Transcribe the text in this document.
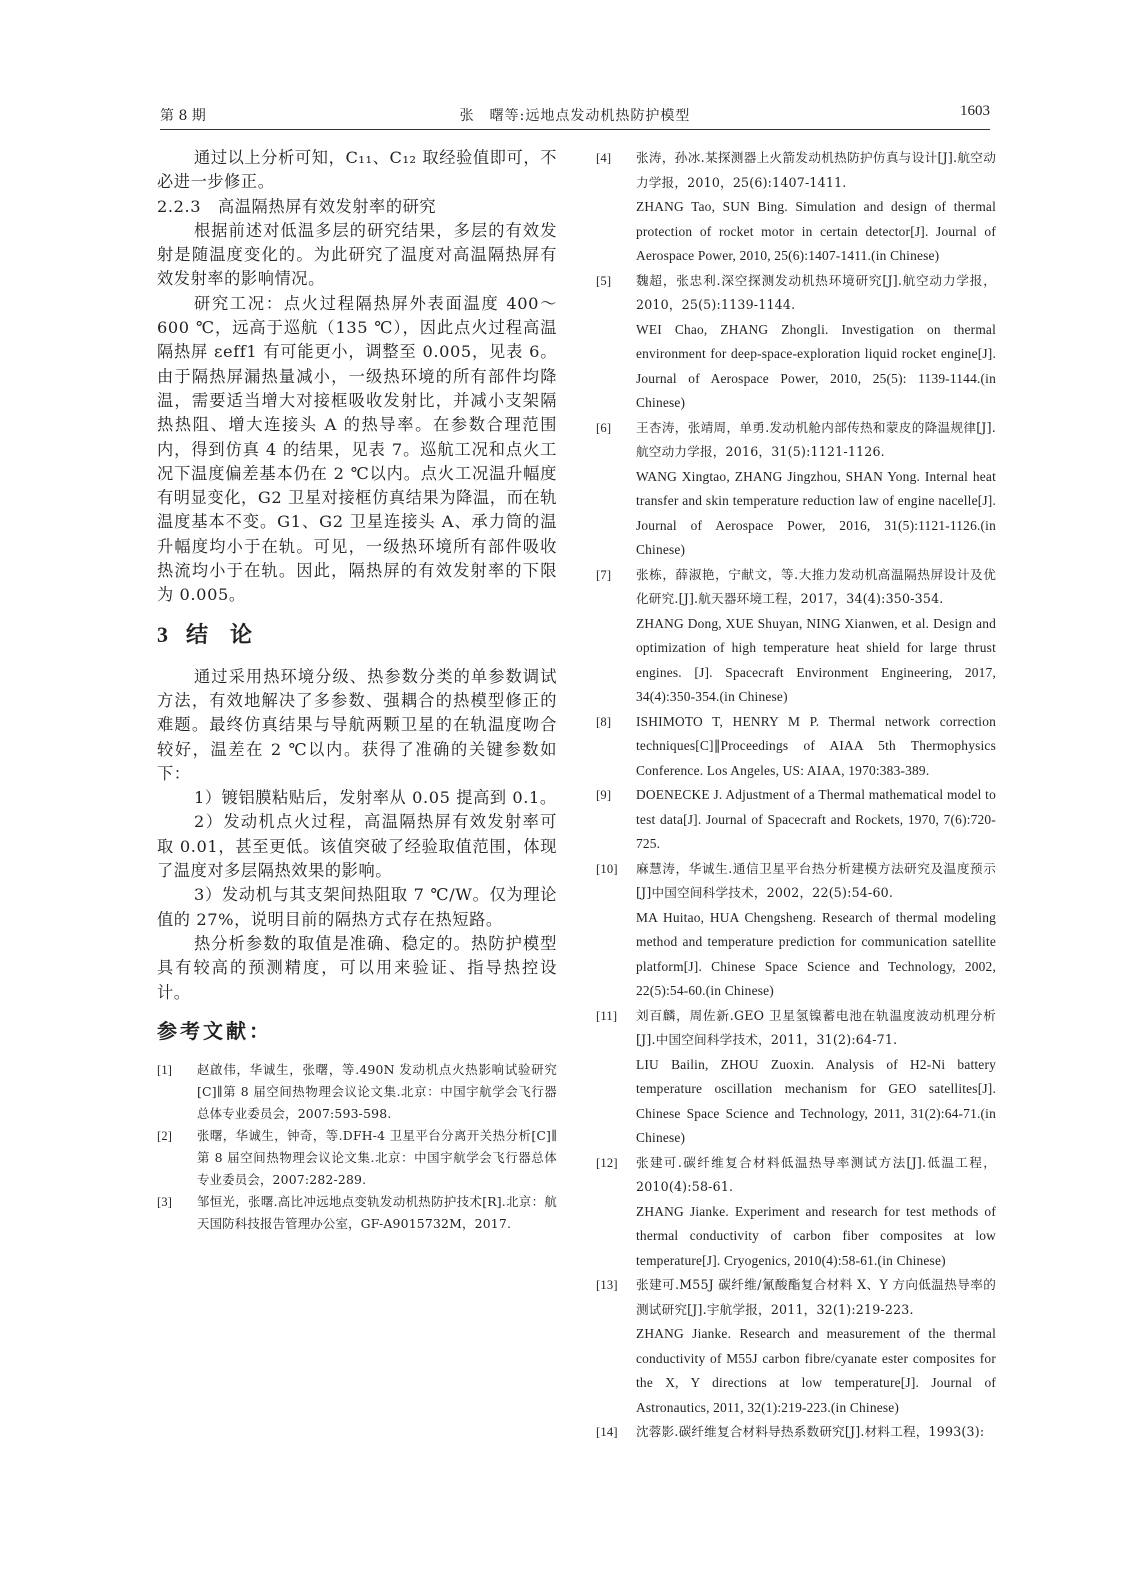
第 8 期	张　曙等:远地点发动机热防护模型	1603

通过以上分析可知，C₁₁、C₁₂ 取经验值即可，不必进一步修正。

2.2.3　高温隔热屏有效发射率的研究

根据前述对低温多层的研究结果，多层的有效发射是随温度变化的。为此研究了温度对高温隔热屏有效发射率的影响情况。

研究工况：点火过程隔热屏外表面温度 400～600 ℃，远高于巡航（135 ℃），因此点火过程高温隔热屏 εeff1 有可能更小，调整至 0.005，见表 6。由于隔热屏漏热量减小，一级热环境的所有部件均降温，需要适当增大对接框吸收发射比，并减小支架隔热热阻、增大连接头 A 的热导率。在参数合理范围内，得到仿真 4 的结果，见表 7。巡航工况和点火工况下温度偏差基本仍在 2 ℃以内。点火工况温升幅度有明显变化，G2 卫星对接框仿真结果为降温，而在轨温度基本不变。G1、G2 卫星连接头 A、承力筒的温升幅度均小于在轨。可见，一级热环境所有部件吸收热流均小于在轨。因此，隔热屏的有效发射率的下限为 0.005。

3 结　论

通过采用热环境分级、热参数分类的单参数调试方法，有效地解决了多参数、强耦合的热模型修正的难题。最终仿真结果与导航两颗卫星的在轨温度吻合较好，温差在 2 ℃以内。获得了准确的关键参数如下：

1）镀铝膜粘贴后，发射率从 0.05 提高到 0.1。

2）发动机点火过程，高温隔热屏有效发射率可取 0.01，甚至更低。该值突破了经验取值范围，体现了温度对多层隔热效果的影响。

3）发动机与其支架间热阻取 7 ℃/W。仅为理论值的 27%，说明目前的隔热方式存在热短路。

热分析参数的取值是准确、稳定的。热防护模型具有较高的预测精度，可以用来验证、指导热控设计。

参考文献：
[1]	赵啟伟，华诚生，张曙，等.490N 发动机点火热影响试验研究[C]∥第 8 届空间热物理会议论文集.北京：中国宇航学会飞行器总体专业委员会，2007:593-598.
[2]	张曙，华诚生，钟奇，等.DFH-4 卫星平台分离开关热分析[C]∥第 8 届空间热物理会议论文集.北京：中国宇航学会飞行器总体专业委员会，2007:282-289.
[3]	邹恒光，张曙.高比冲远地点变轨发动机热防护技术[R].北京：航天国防科技报告管理办公室，GF-A9015732M，2017.
[4]	张涛，孙冰.某探测器上火箭发动机热防护仿真与设计[J].航空动力学报，2010，25(6):1407-1411.
ZHANG Tao, SUN Bing. Simulation and design of thermal protection of rocket motor in certain detector[J]. Journal of Aerospace Power, 2010, 25(6):1407-1411.(in Chinese)
[5]	魏超，张忠利.深空探测发动机热环境研究[J].航空动力学报，2010，25(5):1139-1144.
WEI Chao, ZHANG Zhongli. Investigation on thermal environment for deep-space-exploration liquid rocket engine[J]. Journal of Aerospace Power, 2010, 25(5): 1139-1144.(in Chinese)
[6]	王杏涛，张靖周，单勇.发动机舱内部传热和蒙皮的降温规律[J].航空动力学报，2016，31(5):1121-1126.
WANG Xingtao, ZHANG Jingzhou, SHAN Yong. Internal heat transfer and skin temperature reduction law of engine nacelle[J]. Journal of Aerospace Power, 2016, 31(5):1121-1126.(in Chinese)
[7]	张栋，薛淑艳，宁献文，等.大推力发动机高温隔热屏设计及优化研究.[J].航天器环境工程，2017，34(4):350-354.
ZHANG Dong, XUE Shuyan, NING Xianwen, et al. Design and optimization of high temperature heat shield for large thrust engines. [J]. Spacecraft Environment Engineering, 2017, 34(4):350-354.(in Chinese)
[8]	ISHIMOTO T, HENRY M P. Thermal network correction techniques[C]∥Proceedings of AIAA 5th Thermophysics Conference. Los Angeles, US: AIAA, 1970:383-389.
[9]	DOENECKE J. Adjustment of a Thermal mathematical model to test data[J]. Journal of Spacecraft and Rockets, 1970, 7(6):720-725.
[10]	麻慧涛，华诚生.通信卫星平台热分析建模方法研究及温度预示[J]中国空间科学技术，2002，22(5):54-60.
MA Huitao, HUA Chengsheng. Research of thermal modeling method and temperature prediction for communication satellite platform[J]. Chinese Space Science and Technology, 2002, 22(5):54-60.(in Chinese)
[11]	刘百麟，周佐新.GEO 卫星氢镍蓄电池在轨温度波动机理分析[J].中国空间科学技术，2011，31(2):64-71.
LIU Bailin, ZHOU Zuoxin. Analysis of H2-Ni battery temperature oscillation mechanism for GEO satellites[J]. Chinese Space Science and Technology, 2011, 31(2):64-71.(in Chinese)
[12]	张建可.碳纤维复合材料低温热导率测试方法[J].低温工程，2010(4):58-61.
ZHANG Jianke. Experiment and research for test methods of thermal conductivity of carbon fiber composites at low temperature[J]. Cryogenics, 2010(4):58-61.(in Chinese)
[13]	张建可.M55J 碳纤维/氰酸酯复合材料 X、Y 方向低温热导率的测试研究[J].宇航学报，2011，32(1):219-223.
ZHANG Jianke. Research and measurement of the thermal conductivity of M55J carbon fibre/cyanate ester composites for the X, Y directions at low temperature[J]. Journal of Astronautics, 2011, 32(1):219-223.(in Chinese)
[14]	沈蓉影.碳纤维复合材料导热系数研究[J].材料工程，1993(3):
